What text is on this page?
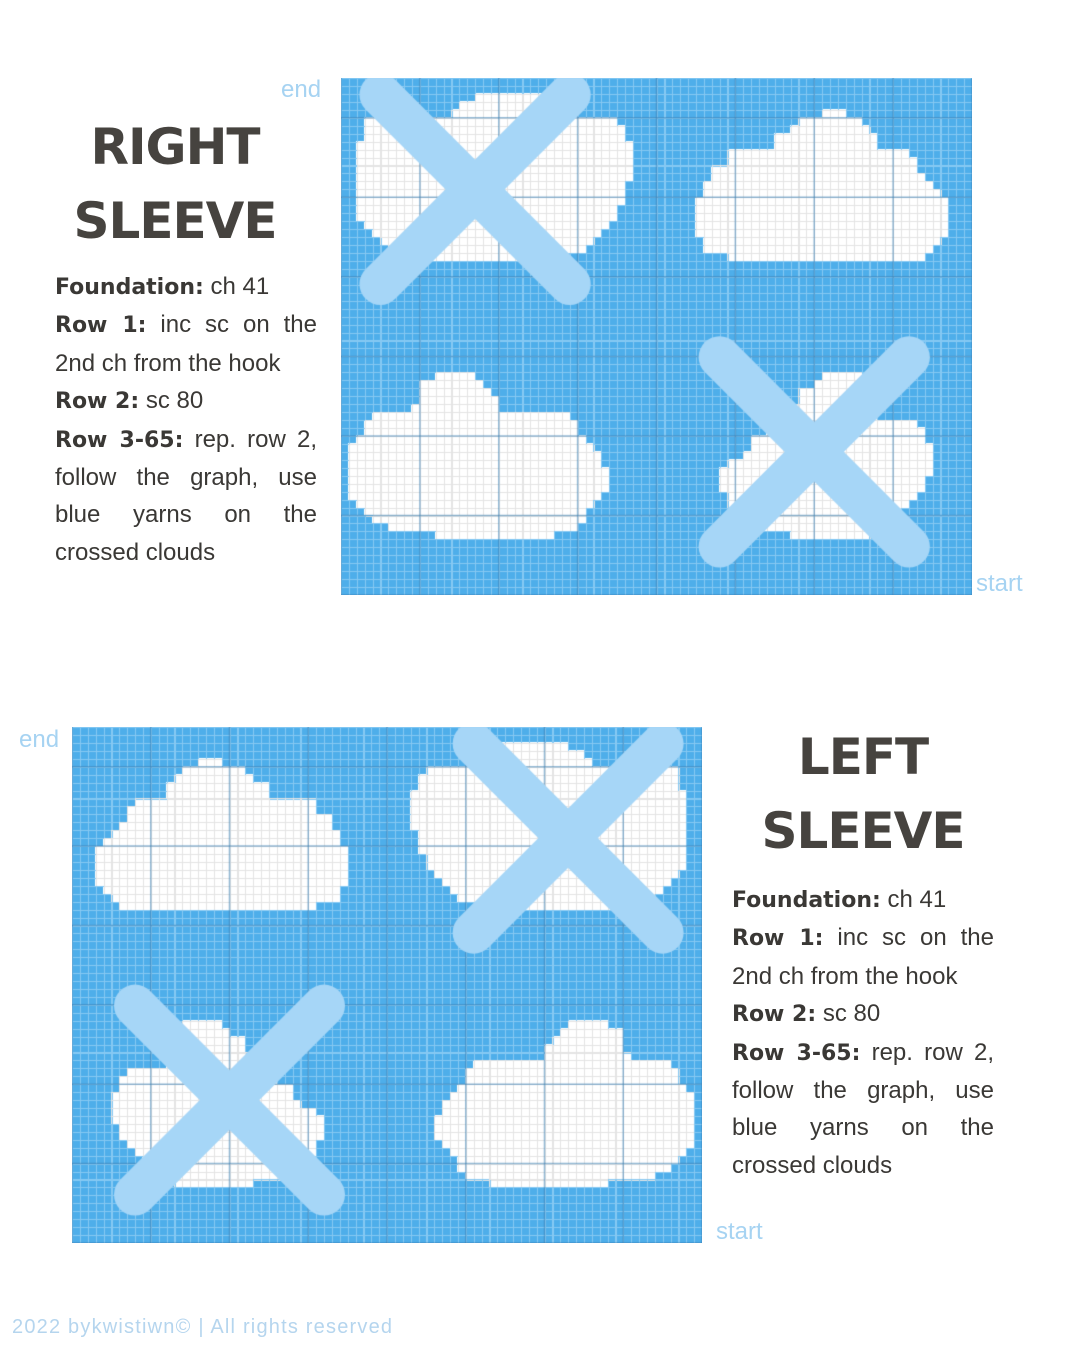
RIGHT
SLEEVE

Foundation: ch 41

Row 1: inc sc on the 2nd ch from the hook

Row 2: sc 80

Row 3-65: rep. row 2, follow the graph, use blue yarns on the crossed clouds

end
start
end
start
LEFT
SLEEVE

Foundation: ch 41

Row 1: inc sc on the 2nd ch from the hook

Row 2: sc 80

Row 3-65: rep. row 2, follow the graph, use blue yarns on the crossed clouds

2022 bykwistiwn© | All rights reserved
